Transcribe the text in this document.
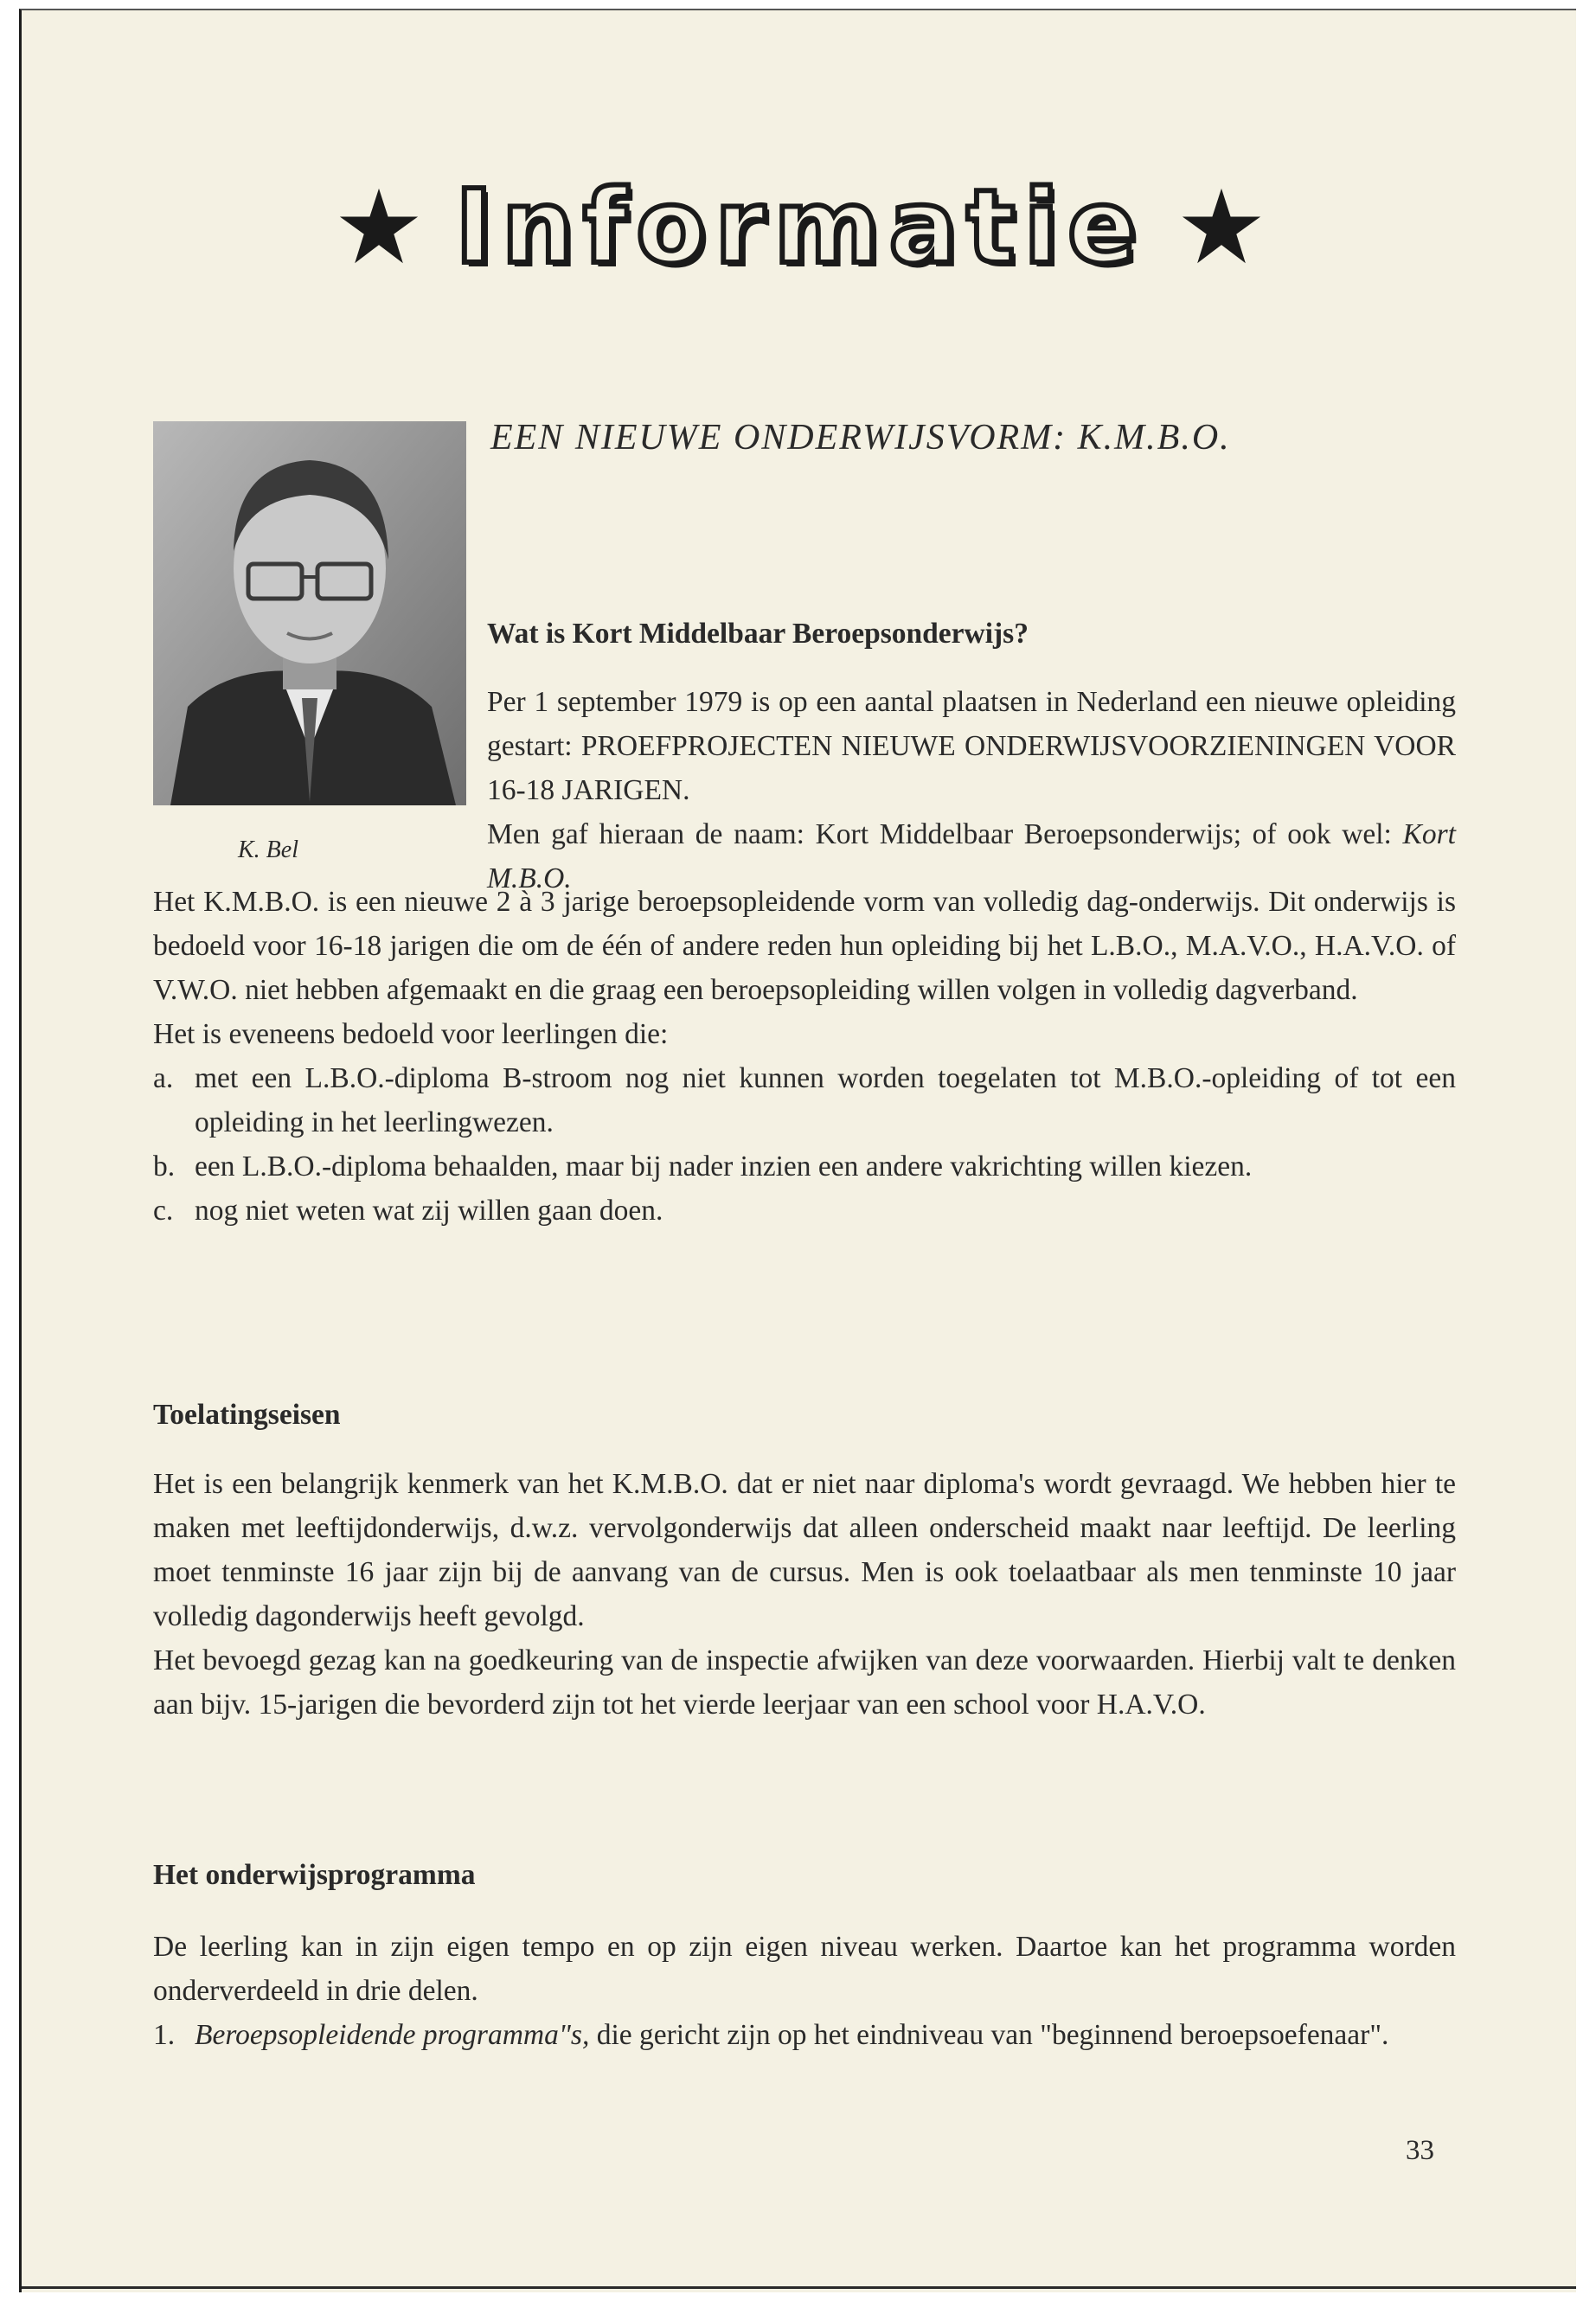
Informatie
K. Bel
EEN NIEUWE ONDERWIJSVORM: K.M.B.O.

Wat is Kort Middelbaar Beroepsonderwijs?

Per 1 september 1979 is op een aantal plaatsen in Nederland een nieuwe opleiding gestart: PROEFPROJECTEN NIEUWE ONDERWIJSVOORZIENINGEN VOOR 16-18 JARIGEN.

Men gaf hieraan de naam: Kort Middelbaar Beroepsonderwijs; of ook wel: Kort M.B.O.

Het K.M.B.O. is een nieuwe 2 à 3 jarige beroepsopleidende vorm van volledig dag-onderwijs. Dit onderwijs is bedoeld voor 16-18 jarigen die om de één of andere reden hun opleiding bij het L.B.O., M.A.V.O., H.A.V.O. of V.W.O. niet hebben afgemaakt en die graag een beroepsopleiding willen volgen in volledig dagverband.

Het is eveneens bedoeld voor leerlingen die:

a. met een L.B.O.-diploma B-stroom nog niet kunnen worden toegelaten tot M.B.O.-opleiding of tot een opleiding in het leerlingwezen.
b. een L.B.O.-diploma behaalden, maar bij nader inzien een andere vakrichting willen kiezen.
c. nog niet weten wat zij willen gaan doen.
Toelatingseisen

Het is een belangrijk kenmerk van het K.M.B.O. dat er niet naar diploma's wordt gevraagd. We hebben hier te maken met leeftijdonderwijs, d.w.z. vervolgonderwijs dat alleen onderscheid maakt naar leeftijd. De leerling moet tenminste 16 jaar zijn bij de aanvang van de cursus. Men is ook toelaatbaar als men tenminste 10 jaar volledig dagonderwijs heeft gevolgd.

Het bevoegd gezag kan na goedkeuring van de inspectie afwijken van deze voorwaarden. Hierbij valt te denken aan bijv. 15-jarigen die bevorderd zijn tot het vierde leerjaar van een school voor H.A.V.O.

Het onderwijsprogramma

De leerling kan in zijn eigen tempo en op zijn eigen niveau werken. Daartoe kan het programma worden onderverdeeld in drie delen.

1. Beroepsopleidende programma"s, die gericht zijn op het eindniveau van "beginnend beroepsoefenaar".
33
